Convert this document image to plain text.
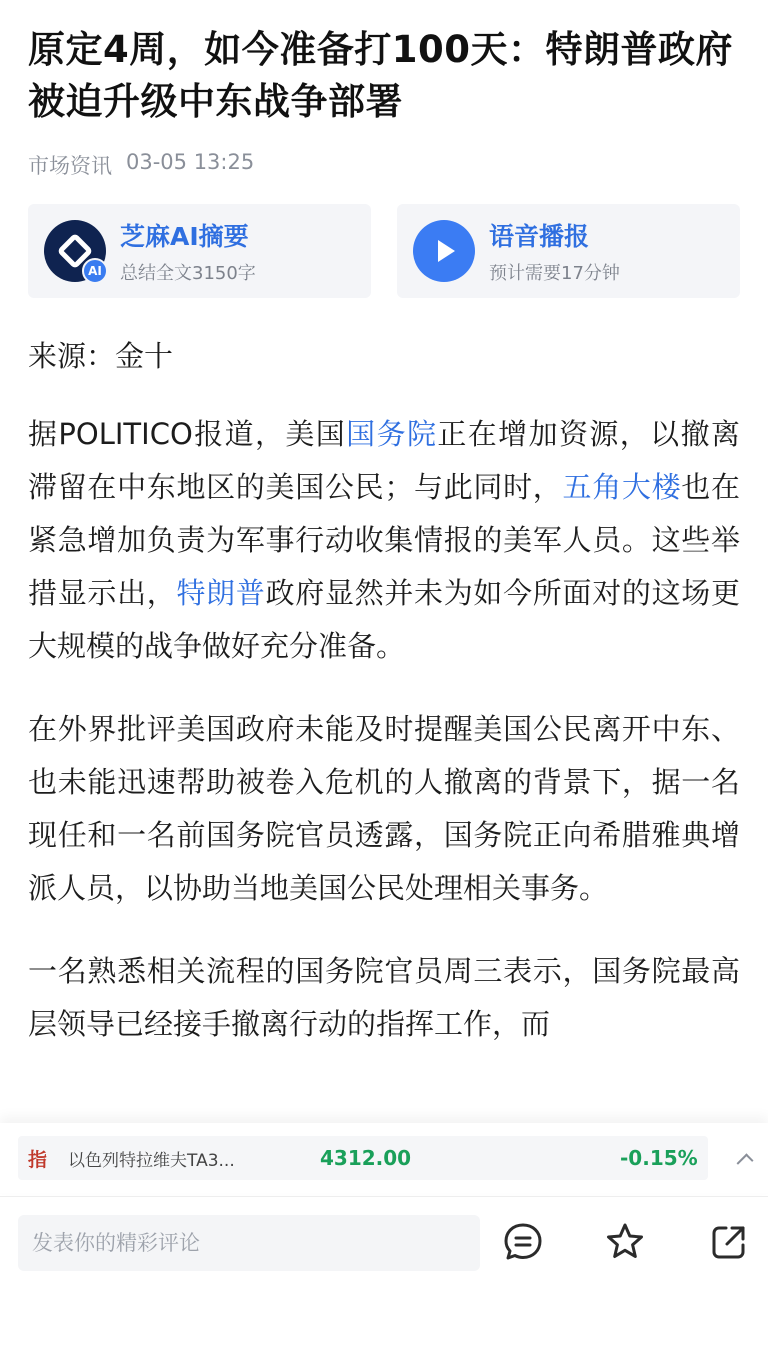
原定4周，如今准备打100天：特朗普政府被迫升级中东战争部署
市场资讯 03-05 13:25
AI
芝麻AI摘要
总结全文3150字
语音播报
预计需要17分钟

来源：金十

据POLITICO报道，美国国务院正在增加资源，以撤离滞留在中东地区的美国公民；与此同时，五角大楼也在紧急增加负责为军事行动收集情报的美军人员。这些举措显示出，特朗普政府显然并未为如今所面对的这场更大规模的战争做好充分准备。

在外界批评美国政府未能及时提醒美国公民离开中东、也未能迅速帮助被卷入危机的人撤离的背景下，据一名现任和一名前国务院官员透露，国务院正向希腊雅典增派人员，以协助当地美国公民处理相关事务。

一名熟悉相关流程的国务院官员周三表示，国务院最高层领导已经接手撤离行动的指挥工作，而

指	以色列特拉维夫TA3...	4312.00	-0.15%
发表你的精彩评论
